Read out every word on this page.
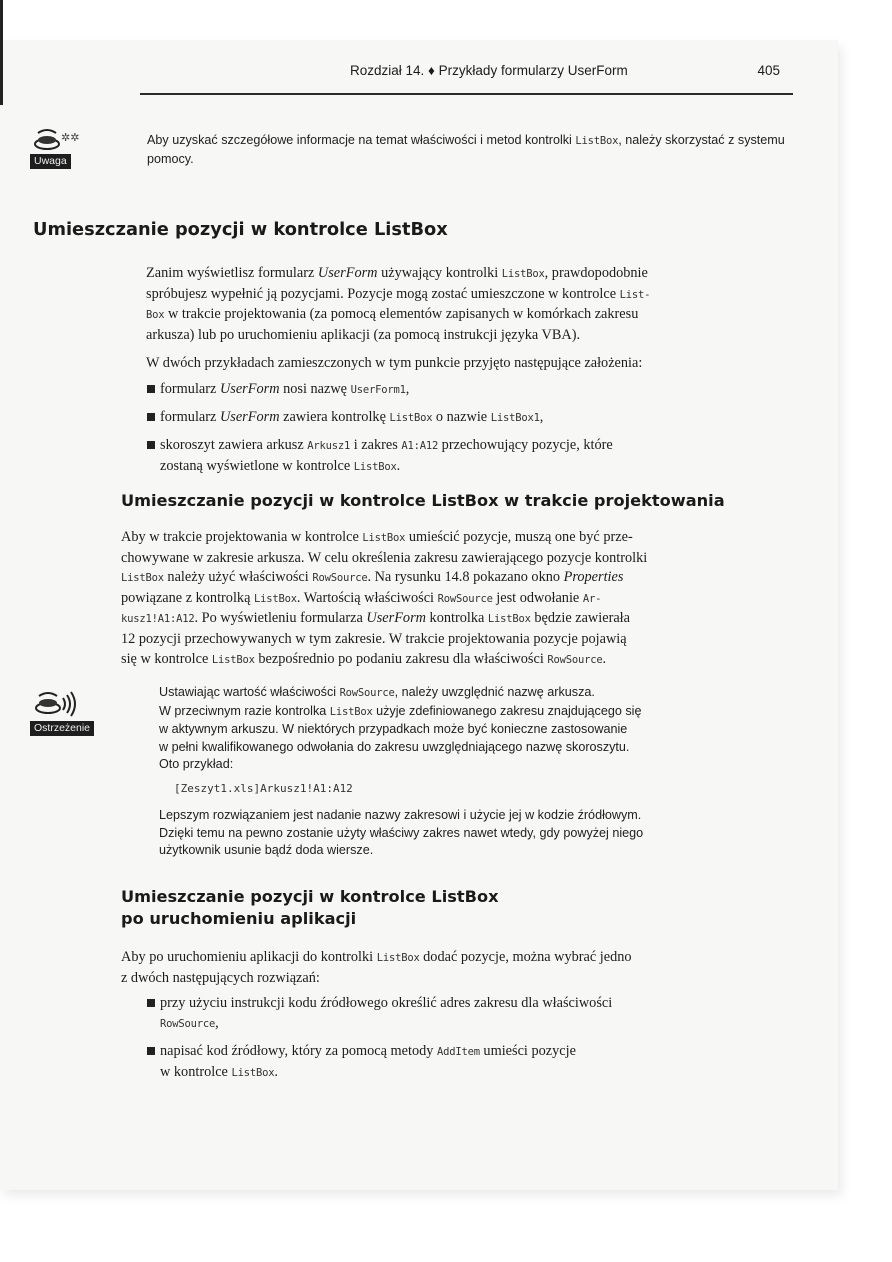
Rozdział 14. ♦ Przykłady formularzy UserForm	405
✲✲
Uwaga
Aby uzyskać szczegółowe informacje na temat właściwości i metod kontrolki ListBox, należy skorzystać z systemu pomocy.
Umieszczanie pozycji w kontrolce ListBox
Zanim wyświetlisz formularz UserForm używający kontrolki ListBox, prawdopodobnie
spróbujesz wypełnić ją pozycjami. Pozycje mogą zostać umieszczone w kontrolce List-
Box w trakcie projektowania (za pomocą elementów zapisanych w komórkach zakresu
arkusza) lub po uruchomieniu aplikacji (za pomocą instrukcji języka VBA).
W dwóch przykładach zamieszczonych w tym punkcie przyjęto następujące założenia:
formularz UserForm nosi nazwę UserForm1,
formularz UserForm zawiera kontrolkę ListBox o nazwie ListBox1,
skoroszyt zawiera arkusz Arkusz1 i zakres A1:A12 przechowujący pozycje, które
zostaną wyświetlone w kontrolce ListBox.
Umieszczanie pozycji w kontrolce ListBox w trakcie projektowania
Aby w trakcie projektowania w kontrolce ListBox umieścić pozycje, muszą one być prze-
chowywane w zakresie arkusza. W celu określenia zakresu zawierającego pozycje kontrolki
ListBox należy użyć właściwości RowSource. Na rysunku 14.8 pokazano okno Properties
powiązane z kontrolką ListBox. Wartością właściwości RowSource jest odwołanie Ar-
kusz1!A1:A12. Po wyświetleniu formularza UserForm kontrolka ListBox będzie zawierała
12 pozycji przechowywanych w tym zakresie. W trakcie projektowania pozycje pojawią
się w kontrolce ListBox bezpośrednio po podaniu zakresu dla właściwości RowSource.
Ostrzeżenie
Ustawiając wartość właściwości RowSource, należy uwzględnić nazwę arkusza.
W przeciwnym razie kontrolka ListBox użyje zdefiniowanego zakresu znajdującego się
w aktywnym arkuszu. W niektórych przypadkach może być konieczne zastosowanie
w pełni kwalifikowanego odwołania do zakresu uwzględniającego nazwę skoroszytu.
Oto przykład:
[Zeszyt1.xls]Arkusz1!A1:A12
Lepszym rozwiązaniem jest nadanie nazwy zakresowi i użycie jej w kodzie źródłowym.
Dzięki temu na pewno zostanie użyty właściwy zakres nawet wtedy, gdy powyżej niego
użytkownik usunie bądź doda wiersze.
Umieszczanie pozycji w kontrolce ListBox
po uruchomieniu aplikacji
Aby po uruchomieniu aplikacji do kontrolki ListBox dodać pozycje, można wybrać jedno
z dwóch następujących rozwiązań:
przy użyciu instrukcji kodu źródłowego określić adres zakresu dla właściwości
RowSource,
napisać kod źródłowy, który za pomocą metody AddItem umieści pozycje
w kontrolce ListBox.
